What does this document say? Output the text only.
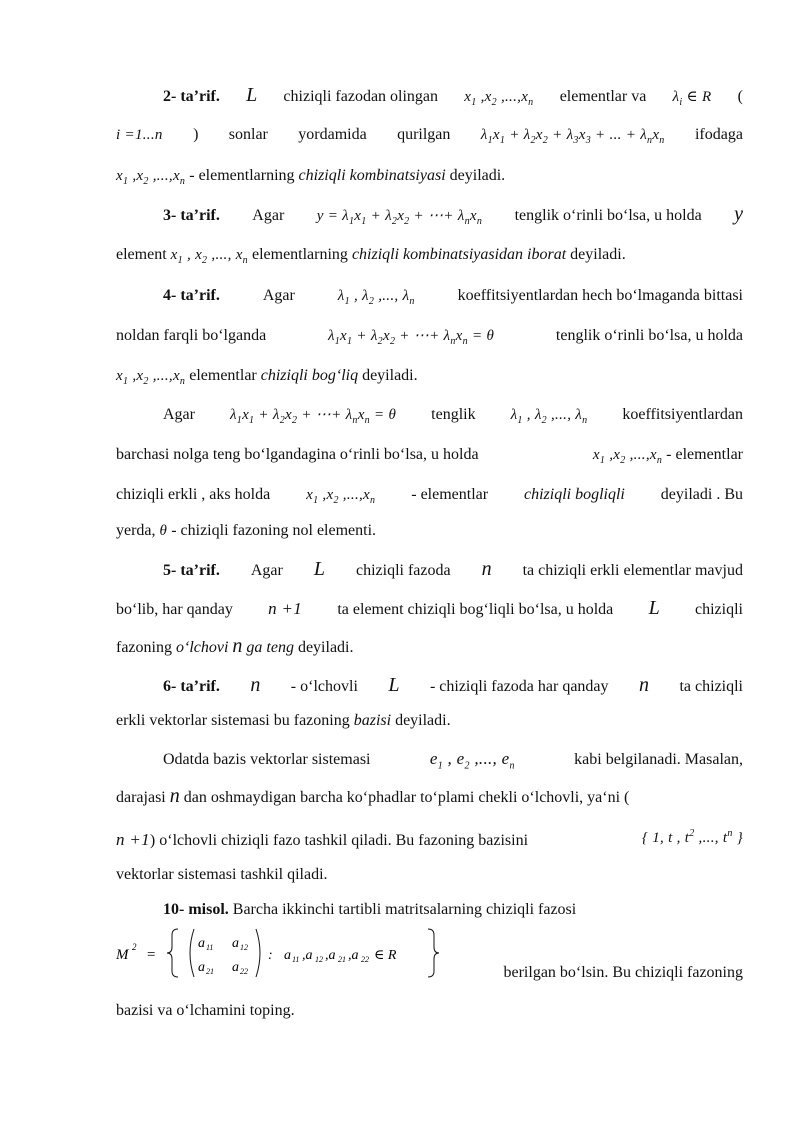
2- ta’rif. L chiziqli fazodan olingan $x_1$ $,x_2$ $,...,x_n$ elementlar va $\lambda_i$ ∈ R (
i =1...n ) sonlar yordamida qurilgan $\lambda_1x_1 + \lambda_2x_2 + \lambda_3x_3$ + ... + $\lambda_nx_n$ ifodaga
$x_1$ $,x_2$ $,...,x_n$ - elementlarning chiziqli kombinatsiyasi deyiladi.
3- ta’rif. Agar $y = \lambda_1x_1 + \lambda_2x_2$ + ⋯+ $\lambda_nx_n$ tenglik o‘rinli bo‘lsa, u holda y
element $x_1$ , $x_2$ ,..., $x_n$ elementlarning chiziqli kombinatsiyasidan iborat deyiladi.
4- ta’rif.	Agar	$\lambda_1$ , $\lambda_2$ ,..., $\lambda_n$	koeffitsiyentlardan hech bo‘lmaganda bittasi
noldan farqli bo‘lganda	$\lambda_1x_1 + \lambda_2x_2$ + ⋯+ $\lambda_nx_n = \theta$	tenglik o‘rinli bo‘lsa, u holda
$x_1$ $,x_2$ $,...,x_n$ elementlar chiziqli bog‘liq deyiladi.
Agar $\lambda_1x_1 + \lambda_2x_2$ + ⋯+ $\lambda_nx_n = \theta$ tenglik $\lambda_1$ , $\lambda_2$ ,..., $\lambda_n$ koeffitsiyentlardan
barchasi nolga teng bo‘lgandagina o‘rinli bo‘lsa, u holda	$x_1$ $,x_2$ $,...,x_n$ - elementlar
chiziqli erkli , aks holda $x_1$ $,x_2$ $,...,x_n$ - elementlar chiziqli bogliqli deyiladi . Bu
yerda, θ - chiziqli fazoning nol elementi.
5- ta’rif. Agar L chiziqli fazoda n ta chiziqli erkli elementlar mavjud
bo‘lib, har qanday n +1 ta element chiziqli bog‘liqli bo‘lsa, u holda L chiziqli
fazoning o‘lchovi n ga teng deyiladi.
6- ta’rif. n - o‘lchovli L - chiziqli fazoda har qanday n ta chiziqli
erkli vektorlar sistemasi bu fazoning bazisi deyiladi.
Odatda bazis vektorlar sistemasi	$e_1$ , $e_2$ ,..., $e_n$	kabi belgilanadi. Masalan,
darajasi n dan oshmaydigan barcha ko‘phadlar to‘plami chekli o‘lchovli, ya‘ni (
n +1) o‘lchovli chiziqli fazo tashkil qiladi. Bu fazoning bazisini	{ 1, t , $t^2$ ,..., $t^n$ }
vektorlar sistemasi tashkil qiladi.
10- misol. Barcha ikkinchi tartibli matritsalarning chiziqli fazosi
M 2 =
a 11 a 12
a 21 a 22
: a 11 ,a 12 ,a 21 ,a 22 ∈ R
berilgan bo‘lsin. Bu chiziqli fazoning
bazisi va o‘lchamini toping.
